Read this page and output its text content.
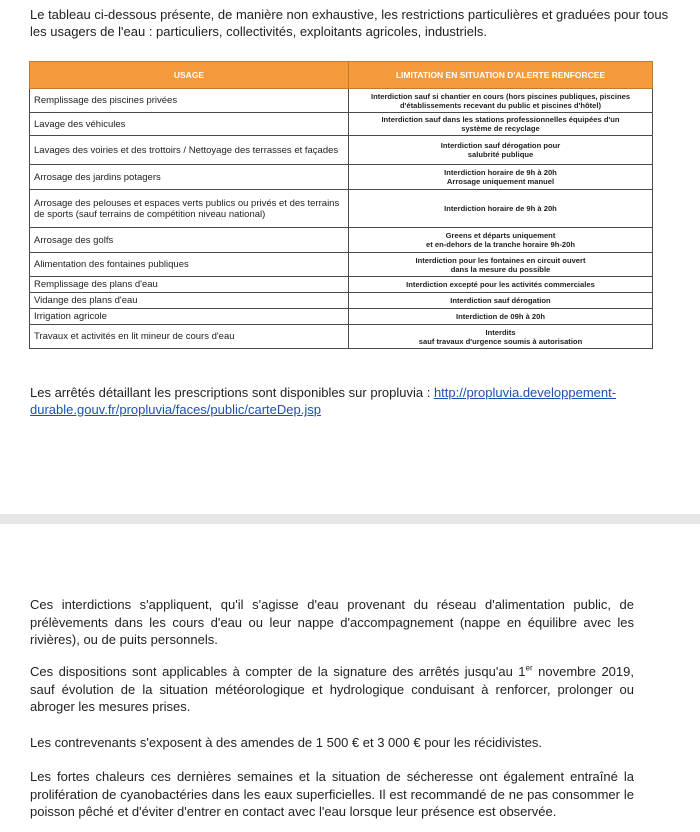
Le tableau ci-dessous présente, de manière non exhaustive, les restrictions particulières et graduées pour tous les usagers de l'eau : particuliers, collectivités, exploitants agricoles, industriels.

USAGE	LIMITATION EN SITUATION D'ALERTE RENFORCEE
Remplissage des piscines privées	Interdiction sauf si chantier en cours (hors piscines publiques, piscines
d'établissements recevant du public et piscines d'hôtel)

Lavage des véhicules	Interdiction sauf dans les stations professionnelles équipées d'un
système de recyclage

Lavages des voiries et des trottoirs / Nettoyage des terrasses et façades	Interdiction sauf dérogation pour
salubrité publique

Arrosage des jardins potagers	Interdiction horaire de 9h à 20h
Arrosage uniquement manuel

Arrosage des pelouses et espaces verts publics ou privés et des terrains de sports (sauf terrains de compétition niveau national)	Interdiction horaire de 9h à 20h

Arrosage des golfs	Greens et départs uniquement
et en-dehors de la tranche horaire 9h-20h

Alimentation des fontaines publiques	Interdiction pour les fontaines en circuit ouvert
dans la mesure du possible

Remplissage des plans d'eau	Interdiction excepté pour les activités commerciales

Vidange des plans d'eau	Interdiction sauf dérogation

Irrigation agricole	Interdiction de 09h à 20h

Travaux et activités en lit mineur de cours d'eau	Interdits
sauf travaux d'urgence soumis à autorisation

Les arrêtés détaillant les prescriptions sont disponibles sur propluvia : http://propluvia.developpement-durable.gouv.fr/propluvia/faces/public/carteDep.jsp

Ces interdictions s'appliquent, qu'il s'agisse d'eau provenant du réseau d'alimentation public, de prélèvements dans les cours d'eau ou leur nappe d'accompagnement (nappe en équilibre avec les rivières), ou de puits personnels.

Ces dispositions sont applicables à compter de la signature des arrêtés jusqu'au 1er novembre 2019, sauf évolution de la situation météorologique et hydrologique conduisant à renforcer, prolonger ou abroger les mesures prises.

Les contrevenants s'exposent à des amendes de 1 500 € et 3 000 € pour les récidivistes.

Les fortes chaleurs ces dernières semaines et la situation de sécheresse ont également entraîné la prolifération de cyanobactéries dans les eaux superficielles. Il est recommandé de ne pas consommer le poisson pêché et d'éviter d'entrer en contact avec l'eau lorsque leur présence est observée.
